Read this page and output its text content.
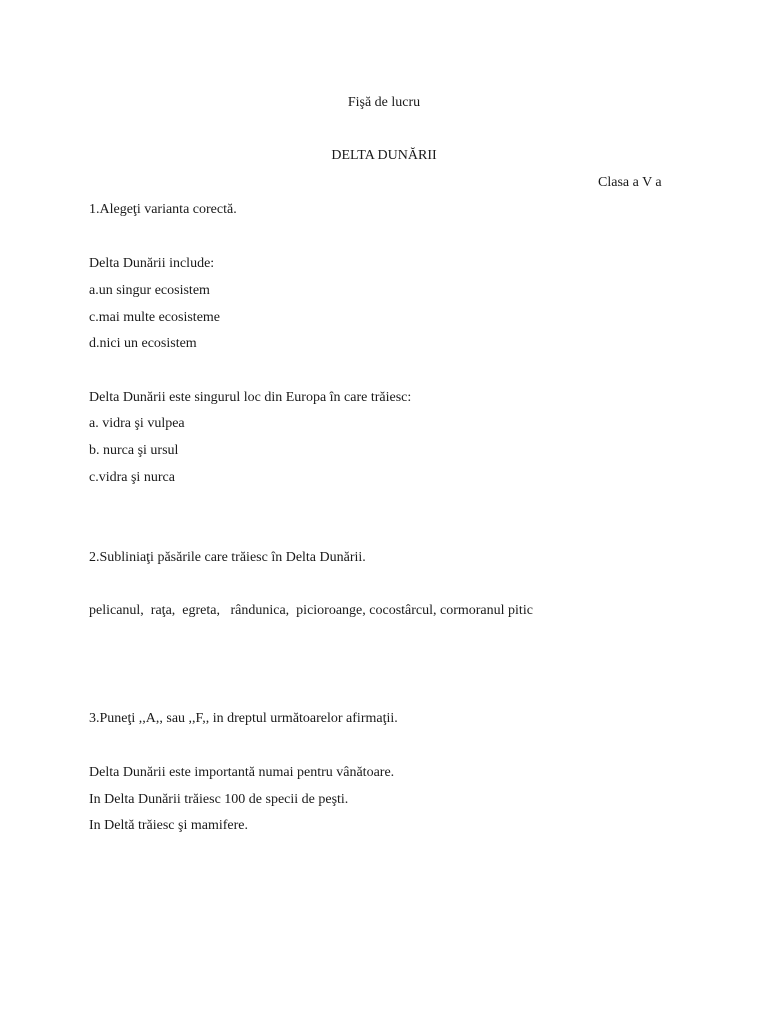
Fişă de lucru
DELTA DUNĂRII
Clasa a V a
1.Alegeţi varianta corectă.
Delta Dunării include:
a.un singur ecosistem
c.mai multe ecosisteme
d.nici un ecosistem
Delta Dunării este singurul loc din Europa în care trăiesc:
a. vidra şi vulpea
b. nurca şi ursul
c.vidra şi nurca
2.Subliniaţi păsările care trăiesc în Delta Dunării.
pelicanul,  raţa,  egreta,   rândunica,  picioroange, cocostârcul, cormoranul pitic
3.Puneţi ,,A,, sau ,,F,, in dreptul următoarelor afirmaţii.
Delta Dunării este importantă numai pentru vânătoare.
In Delta Dunării trăiesc 100 de specii de peşti.
In Deltă trăiesc şi mamifere.
